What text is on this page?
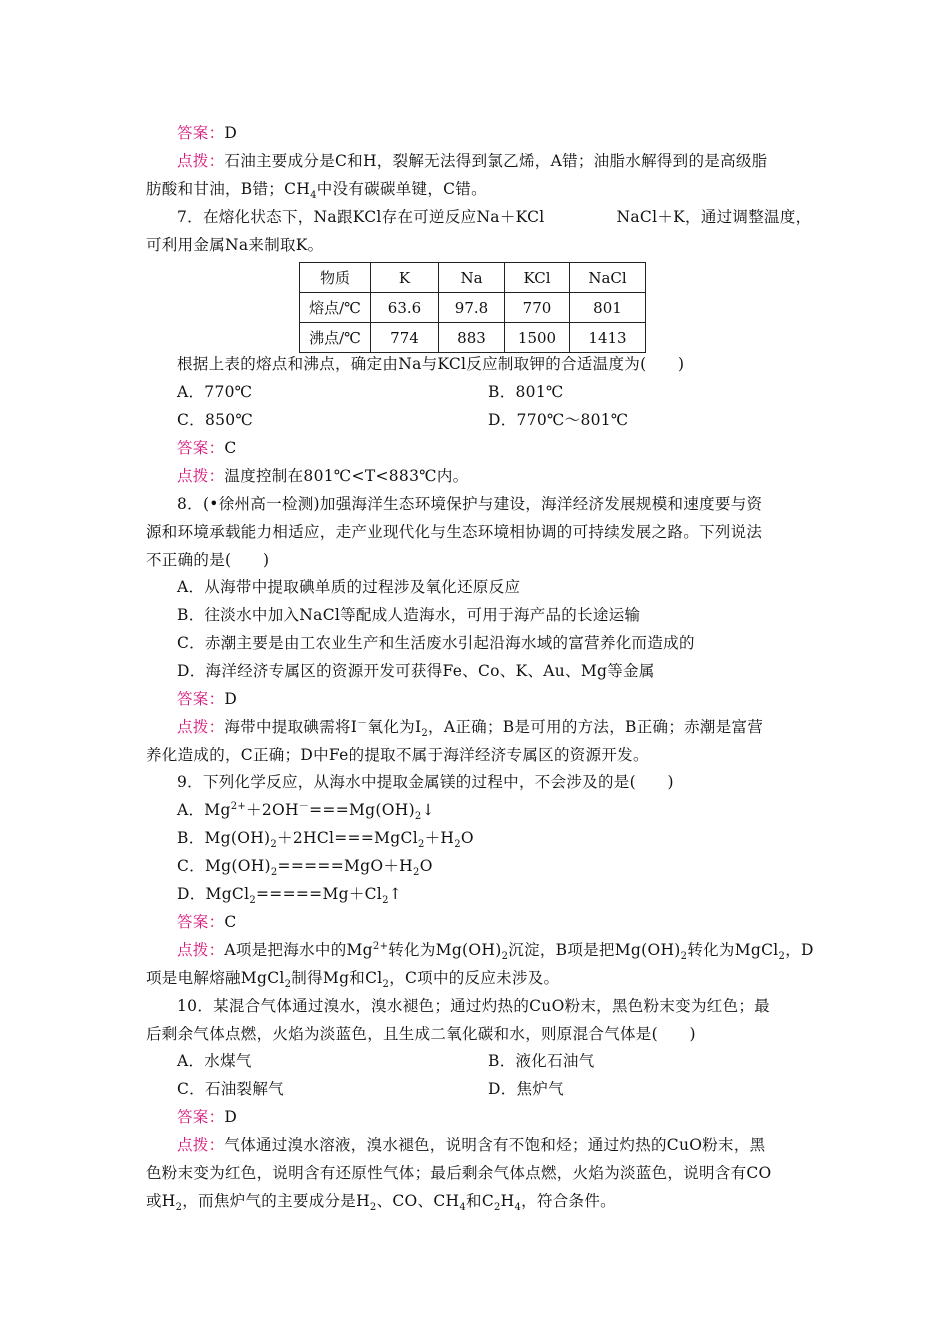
答案：D
点拨：石油主要成分是C和H，裂解无法得到氯乙烯，A错；油脂水解得到的是高级脂
肪酸和甘油，B错；$CH_4$中没有碳碳单键，C错。
7．在熔化状态下，Na跟KCl存在可逆反应Na＋KCl	NaCl＋K，通过调整温度，
可利用金属Na来制取K。
物质	K	Na	KCl	NaCl
熔点/℃	63.6	97.8	770	801
沸点/℃	774	883	1500	1413
根据上表的熔点和沸点，确定由Na与KCl反应制取钾的合适温度为(　　)
A．770℃	B．801℃
C．850℃	D．770℃～801℃
答案：C
点拨：温度控制在801℃<T<883℃内。
8．(•徐州高一检测)加强海洋生态环境保护与建设，海洋经济发展规模和速度要与资
源和环境承载能力相适应，走产业现代化与生态环境相协调的可持续发展之路。下列说法
不正确的是(　　)
A．从海带中提取碘单质的过程涉及氧化还原反应
B．往淡水中加入NaCl等配成人造海水，可用于海产品的长途运输
C．赤潮主要是由工农业生产和生活废水引起沿海水域的富营养化而造成的
D．海洋经济专属区的资源开发可获得Fe、Co、K、Au、Mg等金属
答案：D
点拨：海带中提取碘需将I－氧化为$I_2$，A正确；B是可用的方法，B正确；赤潮是富营
养化造成的，C正确；D中Fe的提取不属于海洋经济专属区的资源开发。
9．下列化学反应，从海水中提取金属镁的过程中，不会涉及的是(　　)
A．$Mg^{2+}+2OH^-===Mg(OH)_2↓$
B．$Mg(OH)_2+2HCl===MgCl_2+H_2O$
C．$Mg(OH)_2=====MgO+H_2O$
D．$MgCl_2=====Mg+Cl_2↑$
答案：C
点拨：A项是把海水中的$Mg^{2+}$转化为$Mg(OH)_2$沉淀，B项是把$Mg(OH)_2$转化为MgCl$_2$，D
项是电解熔融MgCl$_2$制得Mg和$Cl_2$，C项中的反应未涉及。
10．某混合气体通过溴水，溴水褪色；通过灼热的CuO粉末，黑色粉末变为红色；最
后剩余气体点燃，火焰为淡蓝色，且生成二氧化碳和水，则原混合气体是(　　)
A．水煤气	B．液化石油气
C．石油裂解气	D．焦炉气
答案：D
点拨：气体通过溴水溶液，溴水褪色，说明含有不饱和烃；通过灼热的CuO粉末，黑
色粉末变为红色，说明含有还原性气体；最后剩余气体点燃，火焰为淡蓝色，说明含有CO
或$H_2$，而焦炉气的主要成分是$H_2$、CO、$CH_4$和$C_2H_4$，符合条件。
